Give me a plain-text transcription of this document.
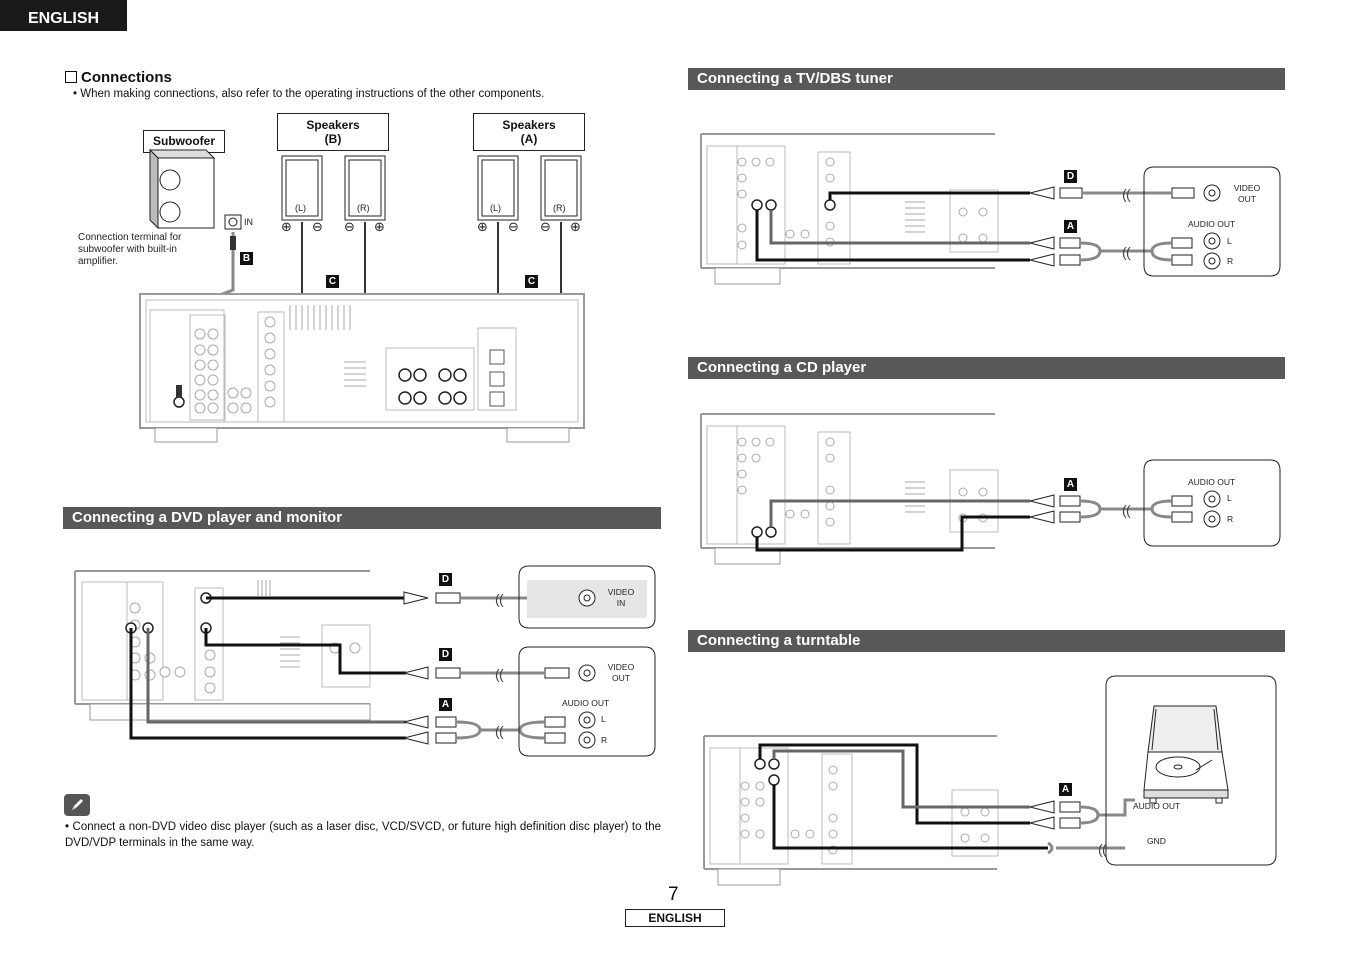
ENGLISH
Connections
• When making connections, also refer to the operating instructions of the other components.
Subwoofer
Speakers
(B)
Speakers
(A)
⊕ ⊖ ⊖ ⊕	⊕ ⊖ ⊖ ⊕
Connection terminal for subwoofer with built-in amplifier.
IN
B
C	C
(L)	(R)	(L)	(R)
Connecting a DVD player and monitor
( (
( (
( (
D
D
A
VIDEO
IN
VIDEO
OUT
AUDIO OUT
L
R
• Connect a non-DVD video disc player (such as a laser disc, VCD/SVCD, or future high definition disc player) to the DVD/VDP terminals in the same way.
Connecting a TV/DBS tuner
( (
( (
D
A
VIDEO
OUT
AUDIO OUT
L
R
Connecting a CD player
( (
A	AUDIO OUT
L
R
Connecting a turntable
( (
A
AUDIO OUT
GND
7
ENGLISH
